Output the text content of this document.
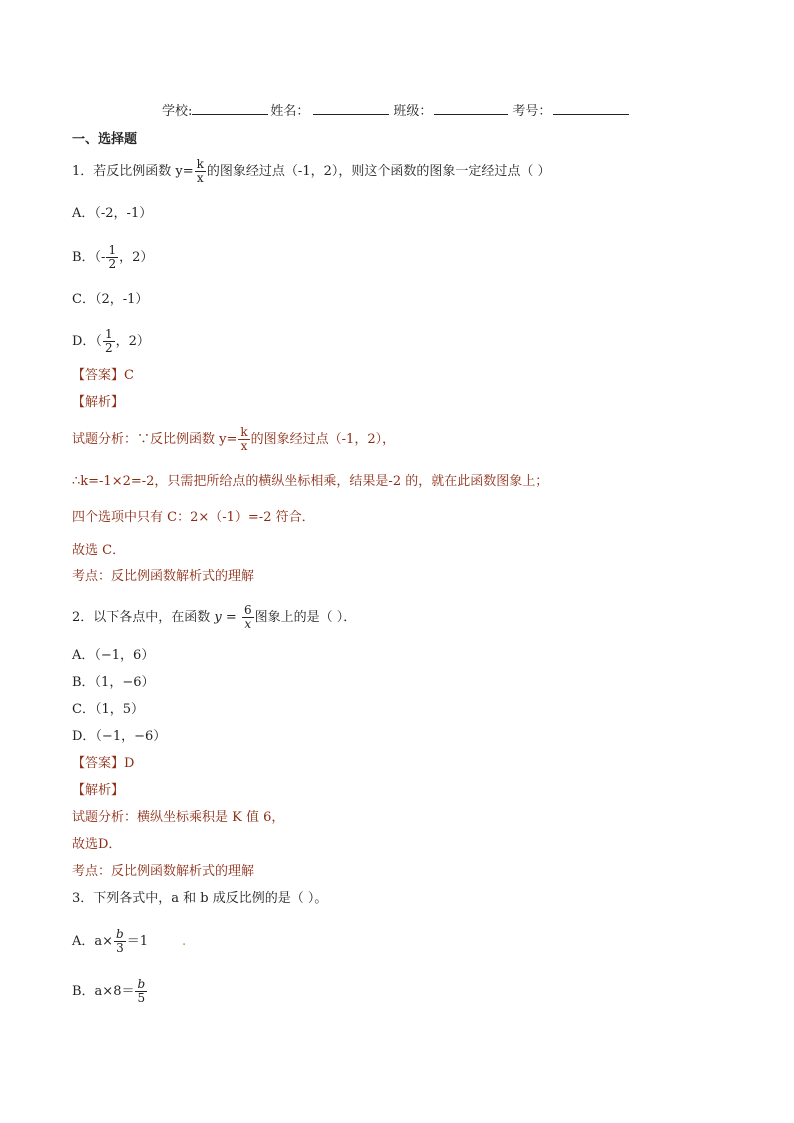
学校:	姓名：	班级：	考号：
一、选择题
1．若反比例函数 $y= \frac{k}{x}$ 的图象经过点（-1，2），则这个函数的图象一定经过点（ ）
A．（-2，-1）
B．（- $\frac{1}{2}$ ，2）
C．（2，-1）
D．（ $\frac{1}{2}$ ，2）
【答案】C
【解析】
试题分析：∵反比例函数 $y= \frac{k}{x}$ 的图象经过点（-1，2），
∴k=-1×2=-2，只需把所给点的横纵坐标相乘，结果是-2 的，就在此函数图象上；
四个选项中只有 C：2×（-1）=-2 符合．
故选 C．
考点：反比例函数解析式的理解
2．以下各点中，在函数 $y = \frac{6}{x}$ 图象上的是（ ）．
A．（−1，6）
B．（1，−6）
C．（1，5）
D．（−1，−6）
【答案】D
【解析】
试题分析：横纵坐标乘积是 K 值 6，
故选D．
考点：反比例函数解析式的理解
3．下列各式中，a 和 b 成反比例的是（ ）。
A．$a\times \frac{b}{3} =1$	.
B．$a\times 8= \frac{b}{5}$
